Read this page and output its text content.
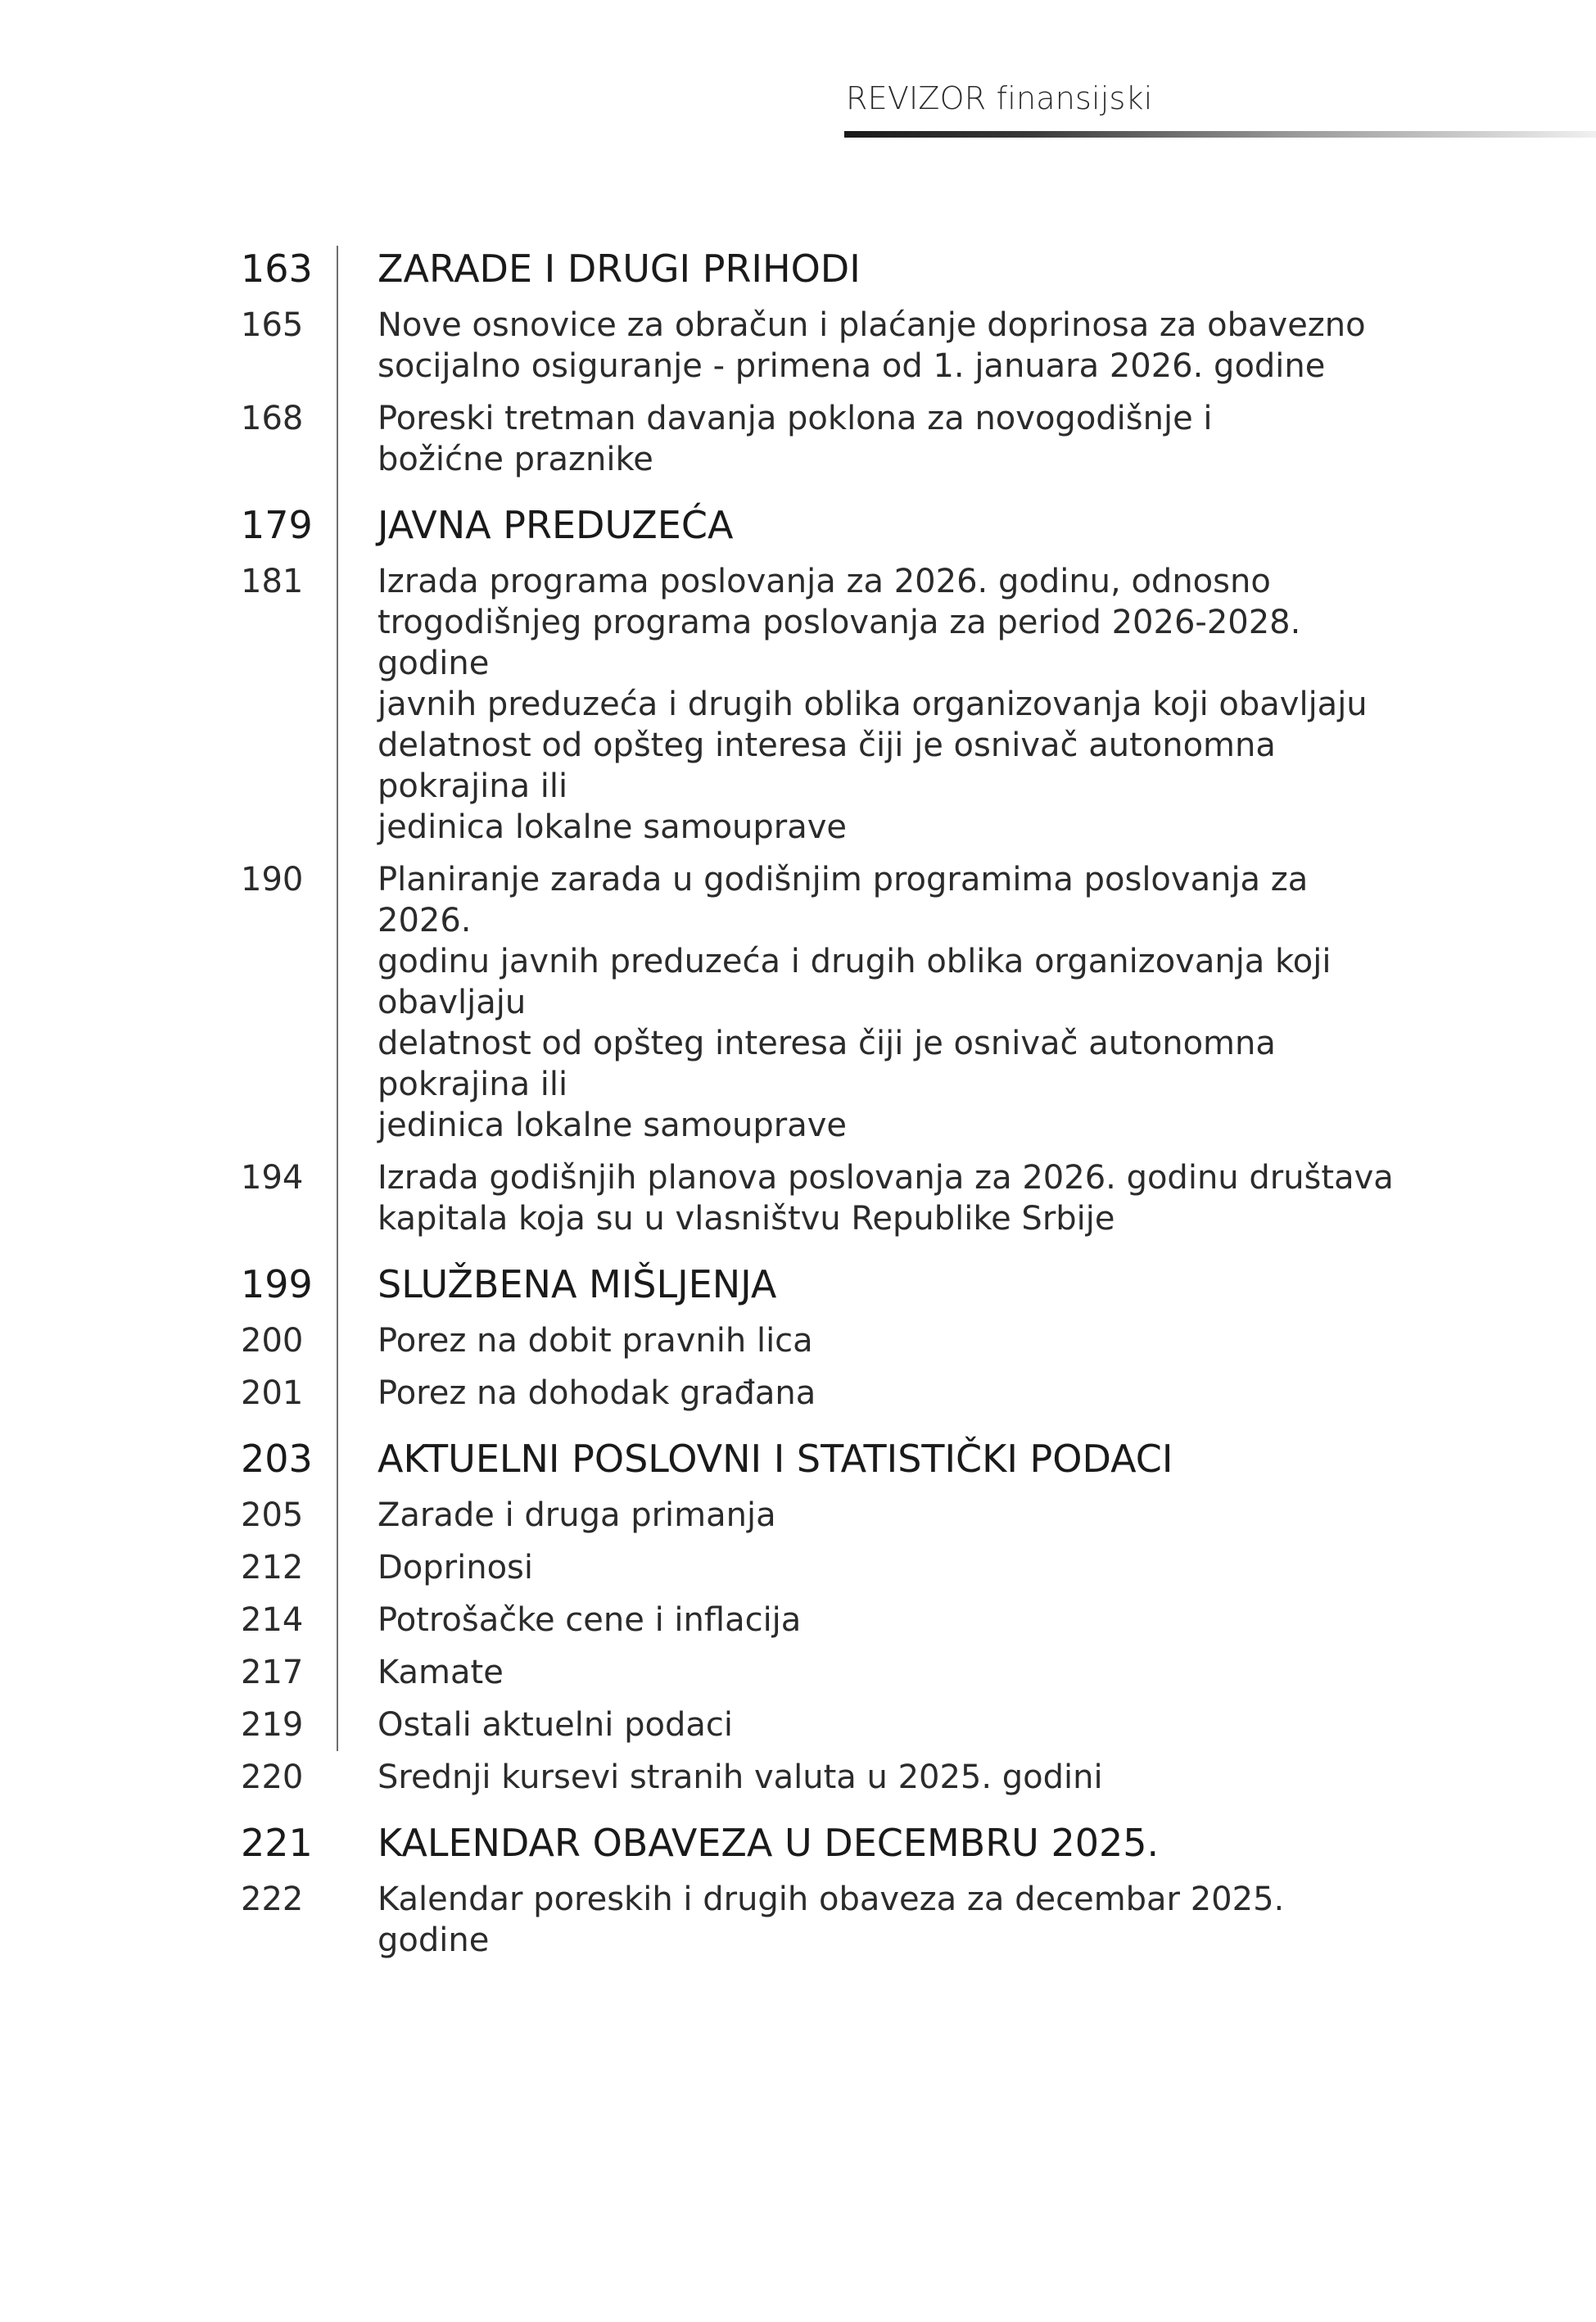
REVIZOR finansijski
163	ZARADE I DRUGI PRIHODI
165	Nove osnovice za obračun i plaćanje doprinosa za obavezno
socijalno osiguranje - primena od 1. januara 2026. godine
168	Poreski tretman davanja poklona za novogodišnje i
božićne praznike
179	JAVNA PREDUZEĆA
181	Izrada programa poslovanja za 2026. godinu, odnosno
trogodišnjeg programa poslovanja za period 2026-2028. godine
javnih preduzeća i drugih oblika organizovanja koji obavljaju
delatnost od opšteg interesa čiji je osnivač autonomna pokrajina ili
jedinica lokalne samouprave
190	Planiranje zarada u godišnjim programima poslovanja za 2026.
godinu javnih preduzeća i drugih oblika organizovanja koji obavljaju
delatnost od opšteg interesa čiji je osnivač autonomna pokrajina ili
jedinica lokalne samouprave
194	Izrada godišnjih planova poslovanja za 2026. godinu društava
kapitala koja su u vlasništvu Republike Srbije
199	SLUŽBENA MIŠLJENJA
200	Porez na dobit pravnih lica
201	Porez na dohodak građana
203	AKTUELNI POSLOVNI I STATISTIČKI PODACI
205	Zarade i druga primanja
212	Doprinosi
214	Potrošačke cene i inflacija
217	Kamate
219	Ostali aktuelni podaci
220	Srednji kursevi stranih valuta u 2025. godini
221	KALENDAR OBAVEZA U DECEMBRU 2025.
222	Kalendar poreskih i drugih obaveza za decembar 2025. godine
